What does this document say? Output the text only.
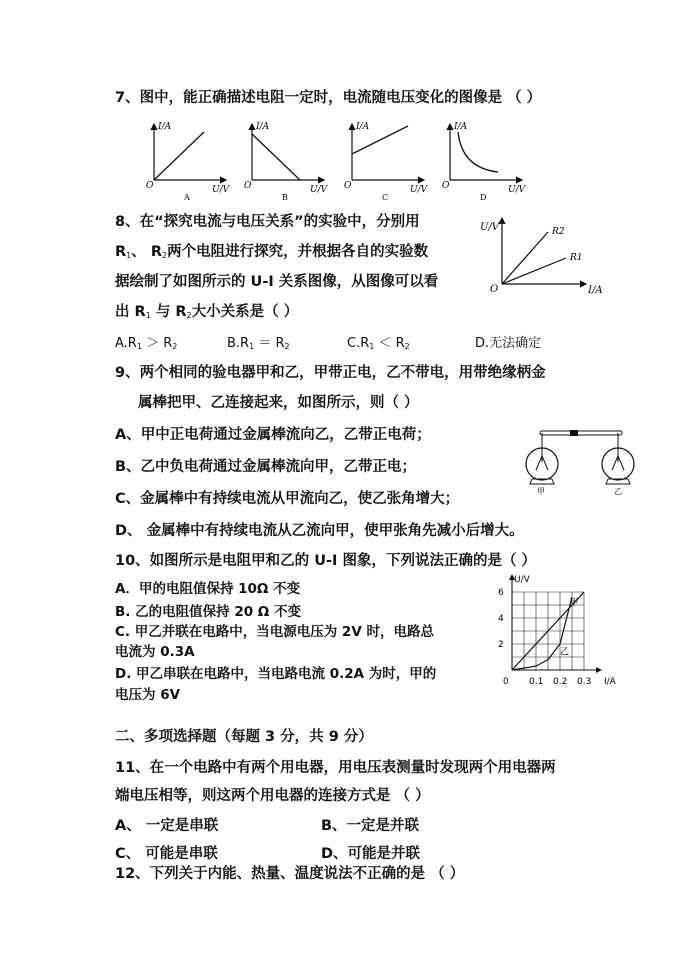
7、图中，能正确描述电阻一定时，电流随电压变化的图像是 （ ）
I/A
O	U/V
A
I/A
O	U/V
B
I/A
O	U/V
C
I/A
O	U/V
D
8、在“探究电流与电压关系”的实验中，分别用
$R_1$、 $R_2$两个电阻进行探究，并根据各自的实验数
据绘制了如图所示的 U-I 关系图像，从图像可以看
出 $R_1$ 与 $R_2$大小关系是（ ）
$A.R_1 > R_2$	$B.R_1 = R_2$	$C.R_1 < R_2$	D.无法确定
U/V
O	I/A
R2
R1
9、两个相同的验电器甲和乙，甲带正电，乙不带电，用带绝缘柄金
属棒把甲、乙连接起来，如图所示，则（ ）
A、甲中正电荷通过金属棒流向乙，乙带正电荷；
B、乙中负电荷通过金属棒流向甲，乙带正电；
C、金属棒中有持续电流从甲流向乙，使乙张角增大；
D、 金属棒中有持续电流从乙流向甲，使甲张角先减小后增大。
甲	乙
10、如图所示是电阻甲和乙的 U-I 图象，下列说法正确的是（ ）
A．甲的电阻值保持 10Ω 不变
B. 乙的电阻值保持 20 Ω 不变
C. 甲乙并联在电路中，当电源电压为 2V 时，电路总
电流为 0.3A
D. 甲乙串联在电路中，当电路电流 0.2A 为时，甲的
电压为 6V
U/V
I/A
2
4
6
0 0.1 0.2 0.3
甲
乙
二、多项选择题（每题 3 分，共 9 分）
11、在一个电路中有两个用电器，用电压表测量时发现两个用电器两
端电压相等，则这两个用电器的连接方式是 （ ）
A、 一定是串联	B、一定是并联
C、 可能是串联	D、可能是并联
12、下列关于内能、热量、温度说法不正确的是 （ ）
